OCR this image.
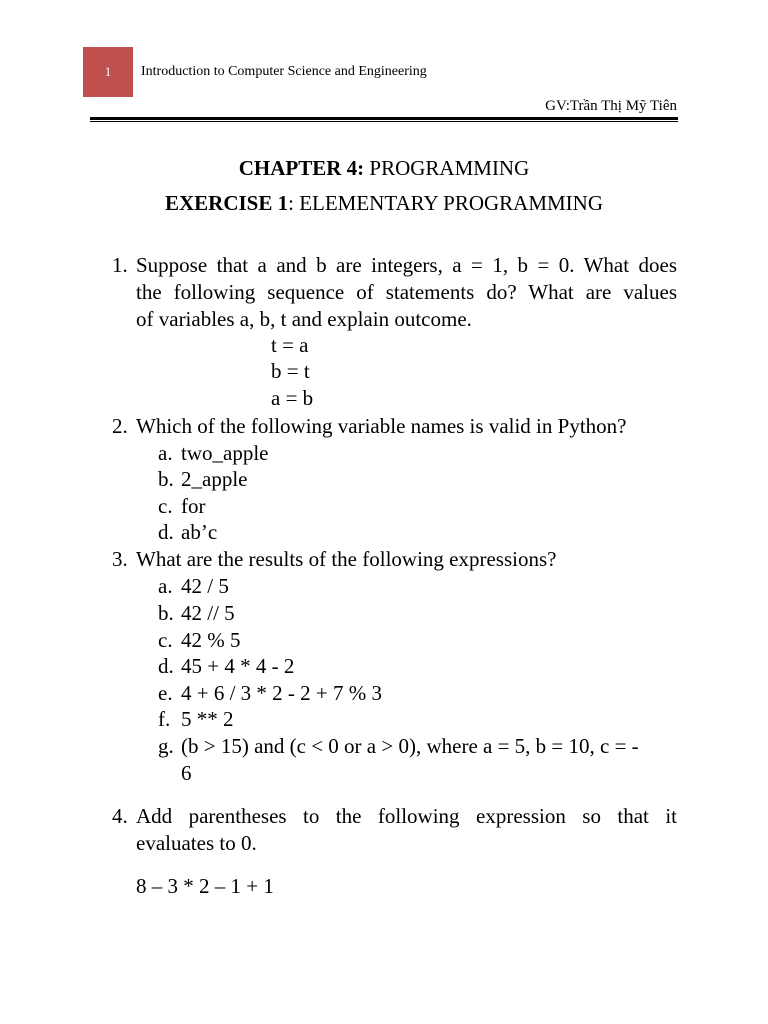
1 Introduction to Computer Science and Engineering
GV:Trần Thị Mỹ Tiên
CHAPTER 4: PROGRAMMING
EXERCISE 1: ELEMENTARY PROGRAMMING
1. Suppose that a and b are integers, a = 1, b = 0. What does
the following sequence of statements do? What are values
of variables a, b, t and explain outcome.
t = a
b = t
a = b
2. Which of the following variable names is valid in Python?
a. two_apple
b. 2_apple
c. for
d. ab’c
3. What are the results of the following expressions?
a. 42 / 5
b. 42 // 5
c. 42 % 5
d. 45 + 4 * 4 - 2
e. 4 + 6 / 3 * 2 - 2 + 7 % 3
f. 5 ** 2
g. (b > 15) and (c < 0 or a > 0), where a = 5, b = 10, c = -
6
4. Add parentheses to the following expression so that it
evaluates to 0.
8 – 3 * 2 – 1 + 1
